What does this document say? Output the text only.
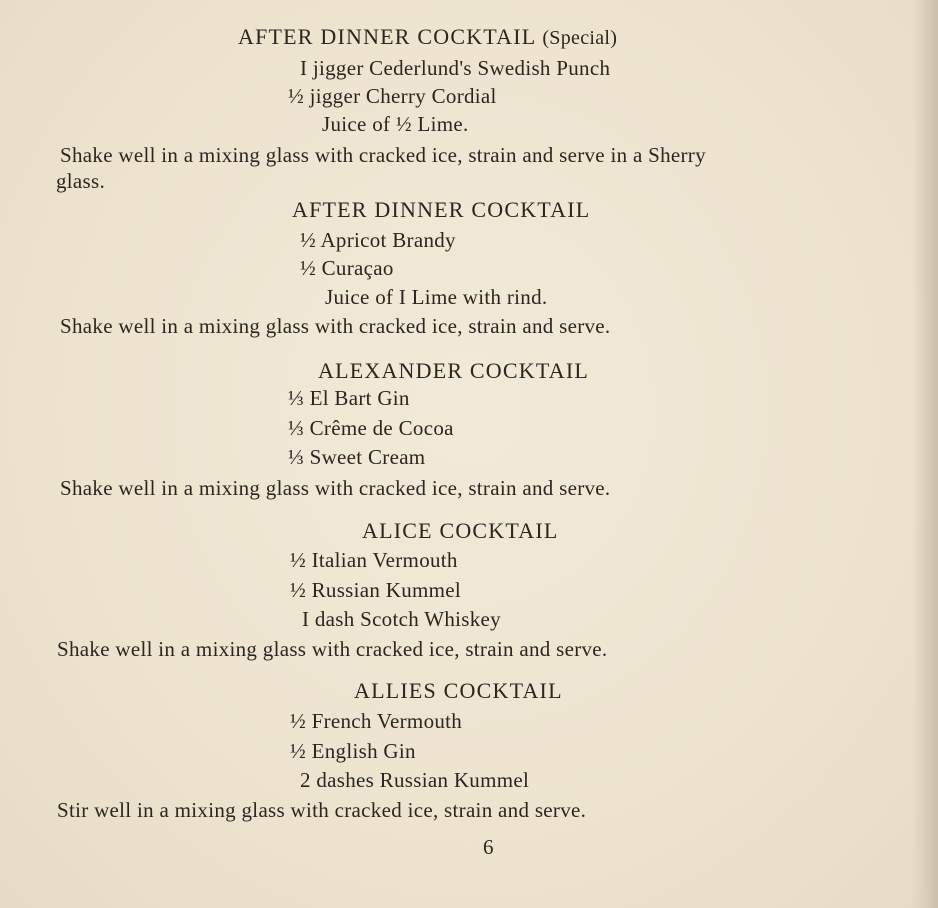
AFTER DINNER COCKTAIL (Special)
I jigger Cederlund's Swedish Punch
½ jigger Cherry Cordial
Juice of ½ Lime.
Shake well in a mixing glass with cracked ice, strain and serve in a Sherry
glass.
AFTER DINNER COCKTAIL
½ Apricot Brandy
½ Curaçao
Juice of I Lime with rind.
Shake well in a mixing glass with cracked ice, strain and serve.
ALEXANDER COCKTAIL
⅓ El Bart Gin
⅓ Crême de Cocoa
⅓ Sweet Cream
Shake well in a mixing glass with cracked ice, strain and serve.
ALICE COCKTAIL
½ Italian Vermouth
½ Russian Kummel
I dash Scotch Whiskey
Shake well in a mixing glass with cracked ice, strain and serve.
ALLIES COCKTAIL
½ French Vermouth
½ English Gin
2 dashes Russian Kummel
Stir well in a mixing glass with cracked ice, strain and serve.
6
